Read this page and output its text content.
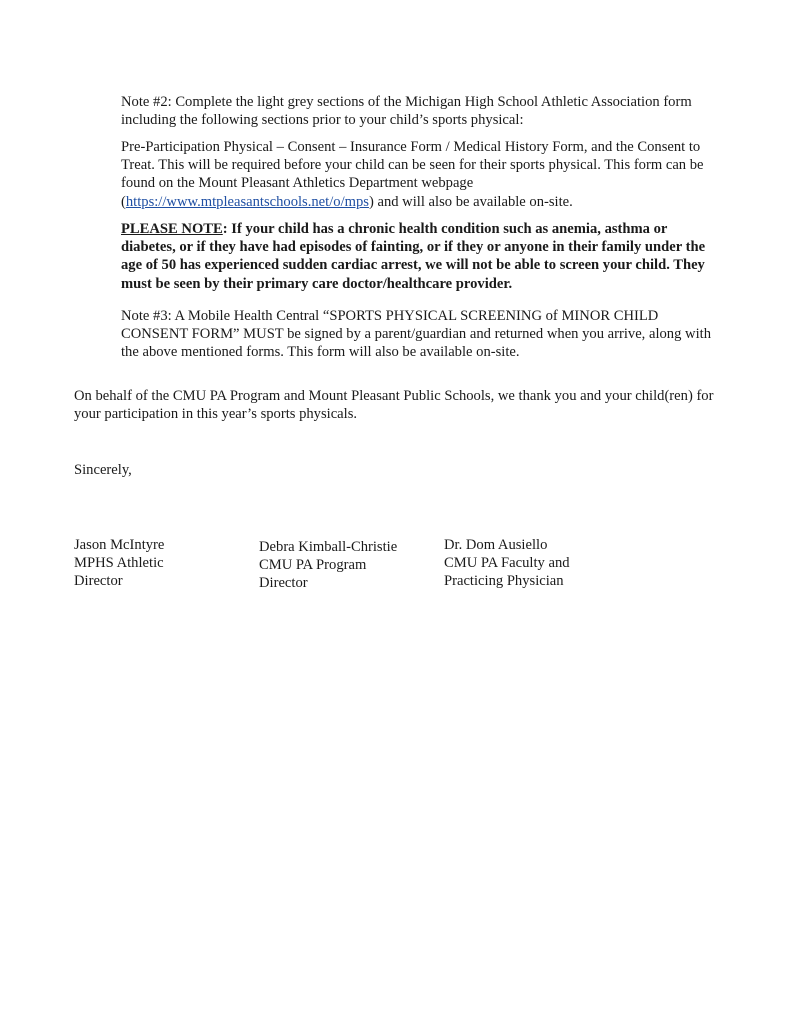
Note #2: Complete the light grey sections of the Michigan High School Athletic Association form including the following sections prior to your child’s sports physical:

Pre-Participation Physical – Consent – Insurance Form / Medical History Form, and the Consent to Treat. This will be required before your child can be seen for their sports physical. This form can be found on the Mount Pleasant Athletics Department webpage (https://www.mtpleasantschools.net/o/mps) and will also be available on-site.

PLEASE NOTE: If your child has a chronic health condition such as anemia, asthma or diabetes, or if they have had episodes of fainting, or if they or anyone in their family under the age of 50 has experienced sudden cardiac arrest, we will not be able to screen your child. They must be seen by their primary care doctor/healthcare provider.

Note #3: A Mobile Health Central “SPORTS PHYSICAL SCREENING of MINOR CHILD CONSENT FORM” MUST be signed by a parent/guardian and returned when you arrive, along with the above mentioned forms. This form will also be available on-site.

On behalf of the CMU PA Program and Mount Pleasant Public Schools, we thank you and your child(ren) for your participation in this year’s sports physicals.

Sincerely,

Jason McIntyre
MPHS Athletic
Director
Debra Kimball-Christie
CMU PA Program
Director
Dr. Dom Ausiello
CMU PA Faculty and
Practicing Physician
